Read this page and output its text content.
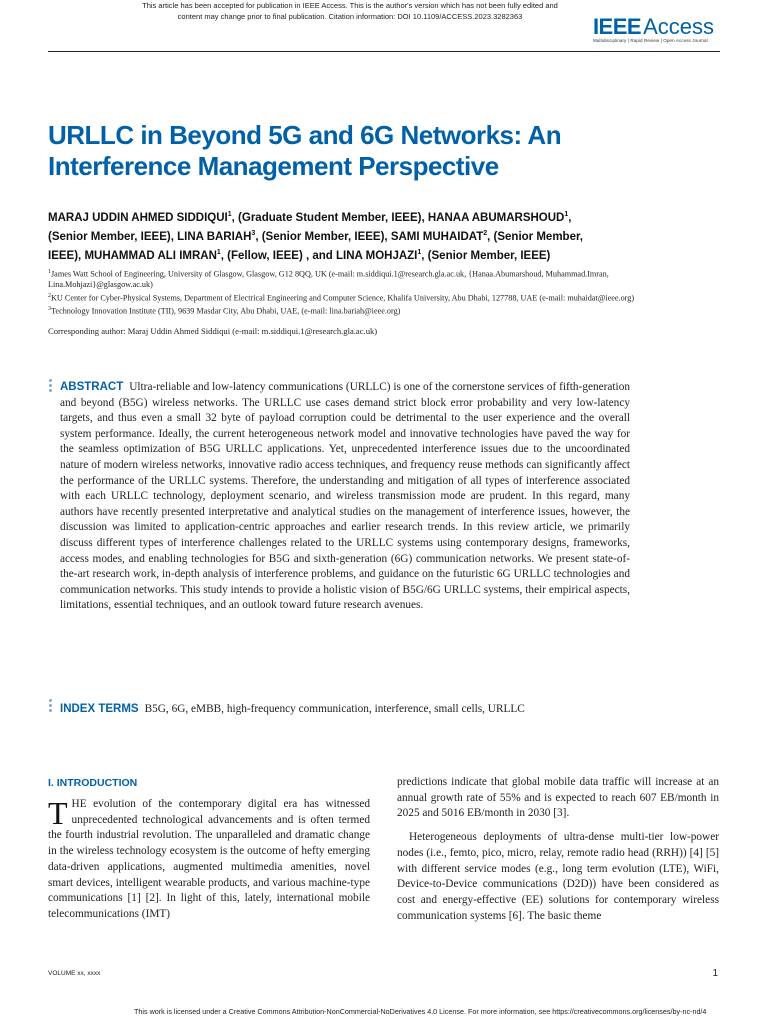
This article has been accepted for publication in IEEE Access. This is the author's version which has not been fully edited and
content may change prior to final publication. Citation information: DOI 10.1109/ACCESS.2023.3282363	IEEEAccess
Multidisciplinary | Rapid Review | Open Access Journal
URLLC in Beyond 5G and 6G Networks: An Interference Management Perspective
MARAJ UDDIN AHMED SIDDIQUI$^1$, (Graduate Student Member, IEEE), HANAA ABUMARSHOUD$^1$, (Senior Member, IEEE), LINA BARIAH$^3$, (Senior Member, IEEE), SAMI MUHAIDAT$^2$, (Senior Member, IEEE), MUHAMMAD ALI IMRAN$^1$, (Fellow, IEEE) , and LINA MOHJAZI$^1$, (Senior Member, IEEE)
$^1$James Watt School of Engineering, University of Glasgow, Glasgow, G12 8QQ, UK (e-mail: m.siddiqui.1@research.gla.ac.uk, {Hanaa.Abumarshoud, Muhammad.Imran, Lina.Mohjazi}@glasgow.ac.uk)
$^2$KU Center for Cyber-Physical Systems, Department of Electrical Engineering and Computer Science, Khalifa University, Abu Dhabi, 127788, UAE (e-mail: muhaidat@ieee.org)
$^3$Technology Innovation Institute (TII), 9639 Masdar City, Abu Dhabi, UAE, (e-mail: lina.bariah@ieee.org)
Corresponding author: Maraj Uddin Ahmed Siddiqui (e-mail: m.siddiqui.1@research.gla.ac.uk)
ABSTRACT Ultra-reliable and low-latency communications (URLLC) is one of the cornerstone services of fifth-generation and beyond (B5G) wireless networks. The URLLC use cases demand strict block error probability and very low-latency targets, and thus even a small 32 byte of payload corruption could be detrimental to the user experience and the overall system performance. Ideally, the current heterogeneous network model and innovative technologies have paved the way for the seamless optimization of B5G URLLC applications. Yet, unprecedented interference issues due to the uncoordinated nature of modern wireless networks, innovative radio access techniques, and frequency reuse methods can significantly affect the performance of the URLLC systems. Therefore, the understanding and mitigation of all types of interference associated with each URLLC technology, deployment scenario, and wireless transmission mode are prudent. In this regard, many authors have recently presented interpretative and analytical studies on the management of interference issues, however, the discussion was limited to application-centric approaches and earlier research trends. In this review article, we primarily discuss different types of interference challenges related to the URLLC systems using contemporary designs, frameworks, access modes, and enabling technologies for B5G and sixth-generation (6G) communication networks. We present state-of-the-art research work, in-depth analysis of interference problems, and guidance on the futuristic 6G URLLC technologies and communication networks. This study intends to provide a holistic vision of B5G/6G URLLC systems, their empirical aspects, limitations, essential techniques, and an outlook toward future research avenues.
INDEX TERMS B5G, 6G, eMBB, high-frequency communication, interference, small cells, URLLC
I. INTRODUCTION

THE evolution of the contemporary digital era has witnessed unprecedented technological advancements and is often termed the fourth industrial revolution. The unparalleled and dramatic change in the wireless technology ecosystem is the outcome of hefty emerging data-driven applications, augmented multimedia amenities, novel smart devices, intelligent wearable products, and various machine-type communications [1] [2]. In light of this, lately, international mobile telecommunications (IMT)

predictions indicate that global mobile data traffic will increase at an annual growth rate of 55% and is expected to reach 607 EB/month in 2025 and 5016 EB/month in 2030 [3].

Heterogeneous deployments of ultra-dense multi-tier low-power nodes (i.e., femto, pico, micro, relay, remote radio head (RRH)) [4] [5] with different service modes (e.g., long term evolution (LTE), WiFi, Device-to-Device communications (D2D)) have been considered as cost and energy-effective (EE) solutions for contemporary wireless communication systems [6]. The basic theme

VOLUME xx, xxxx	1
This work is licensed under a Creative Commons Attribution-NonCommercial-NoDerivatives 4.0 License. For more information, see https://creativecommons.org/licenses/by-nc-nd/4
